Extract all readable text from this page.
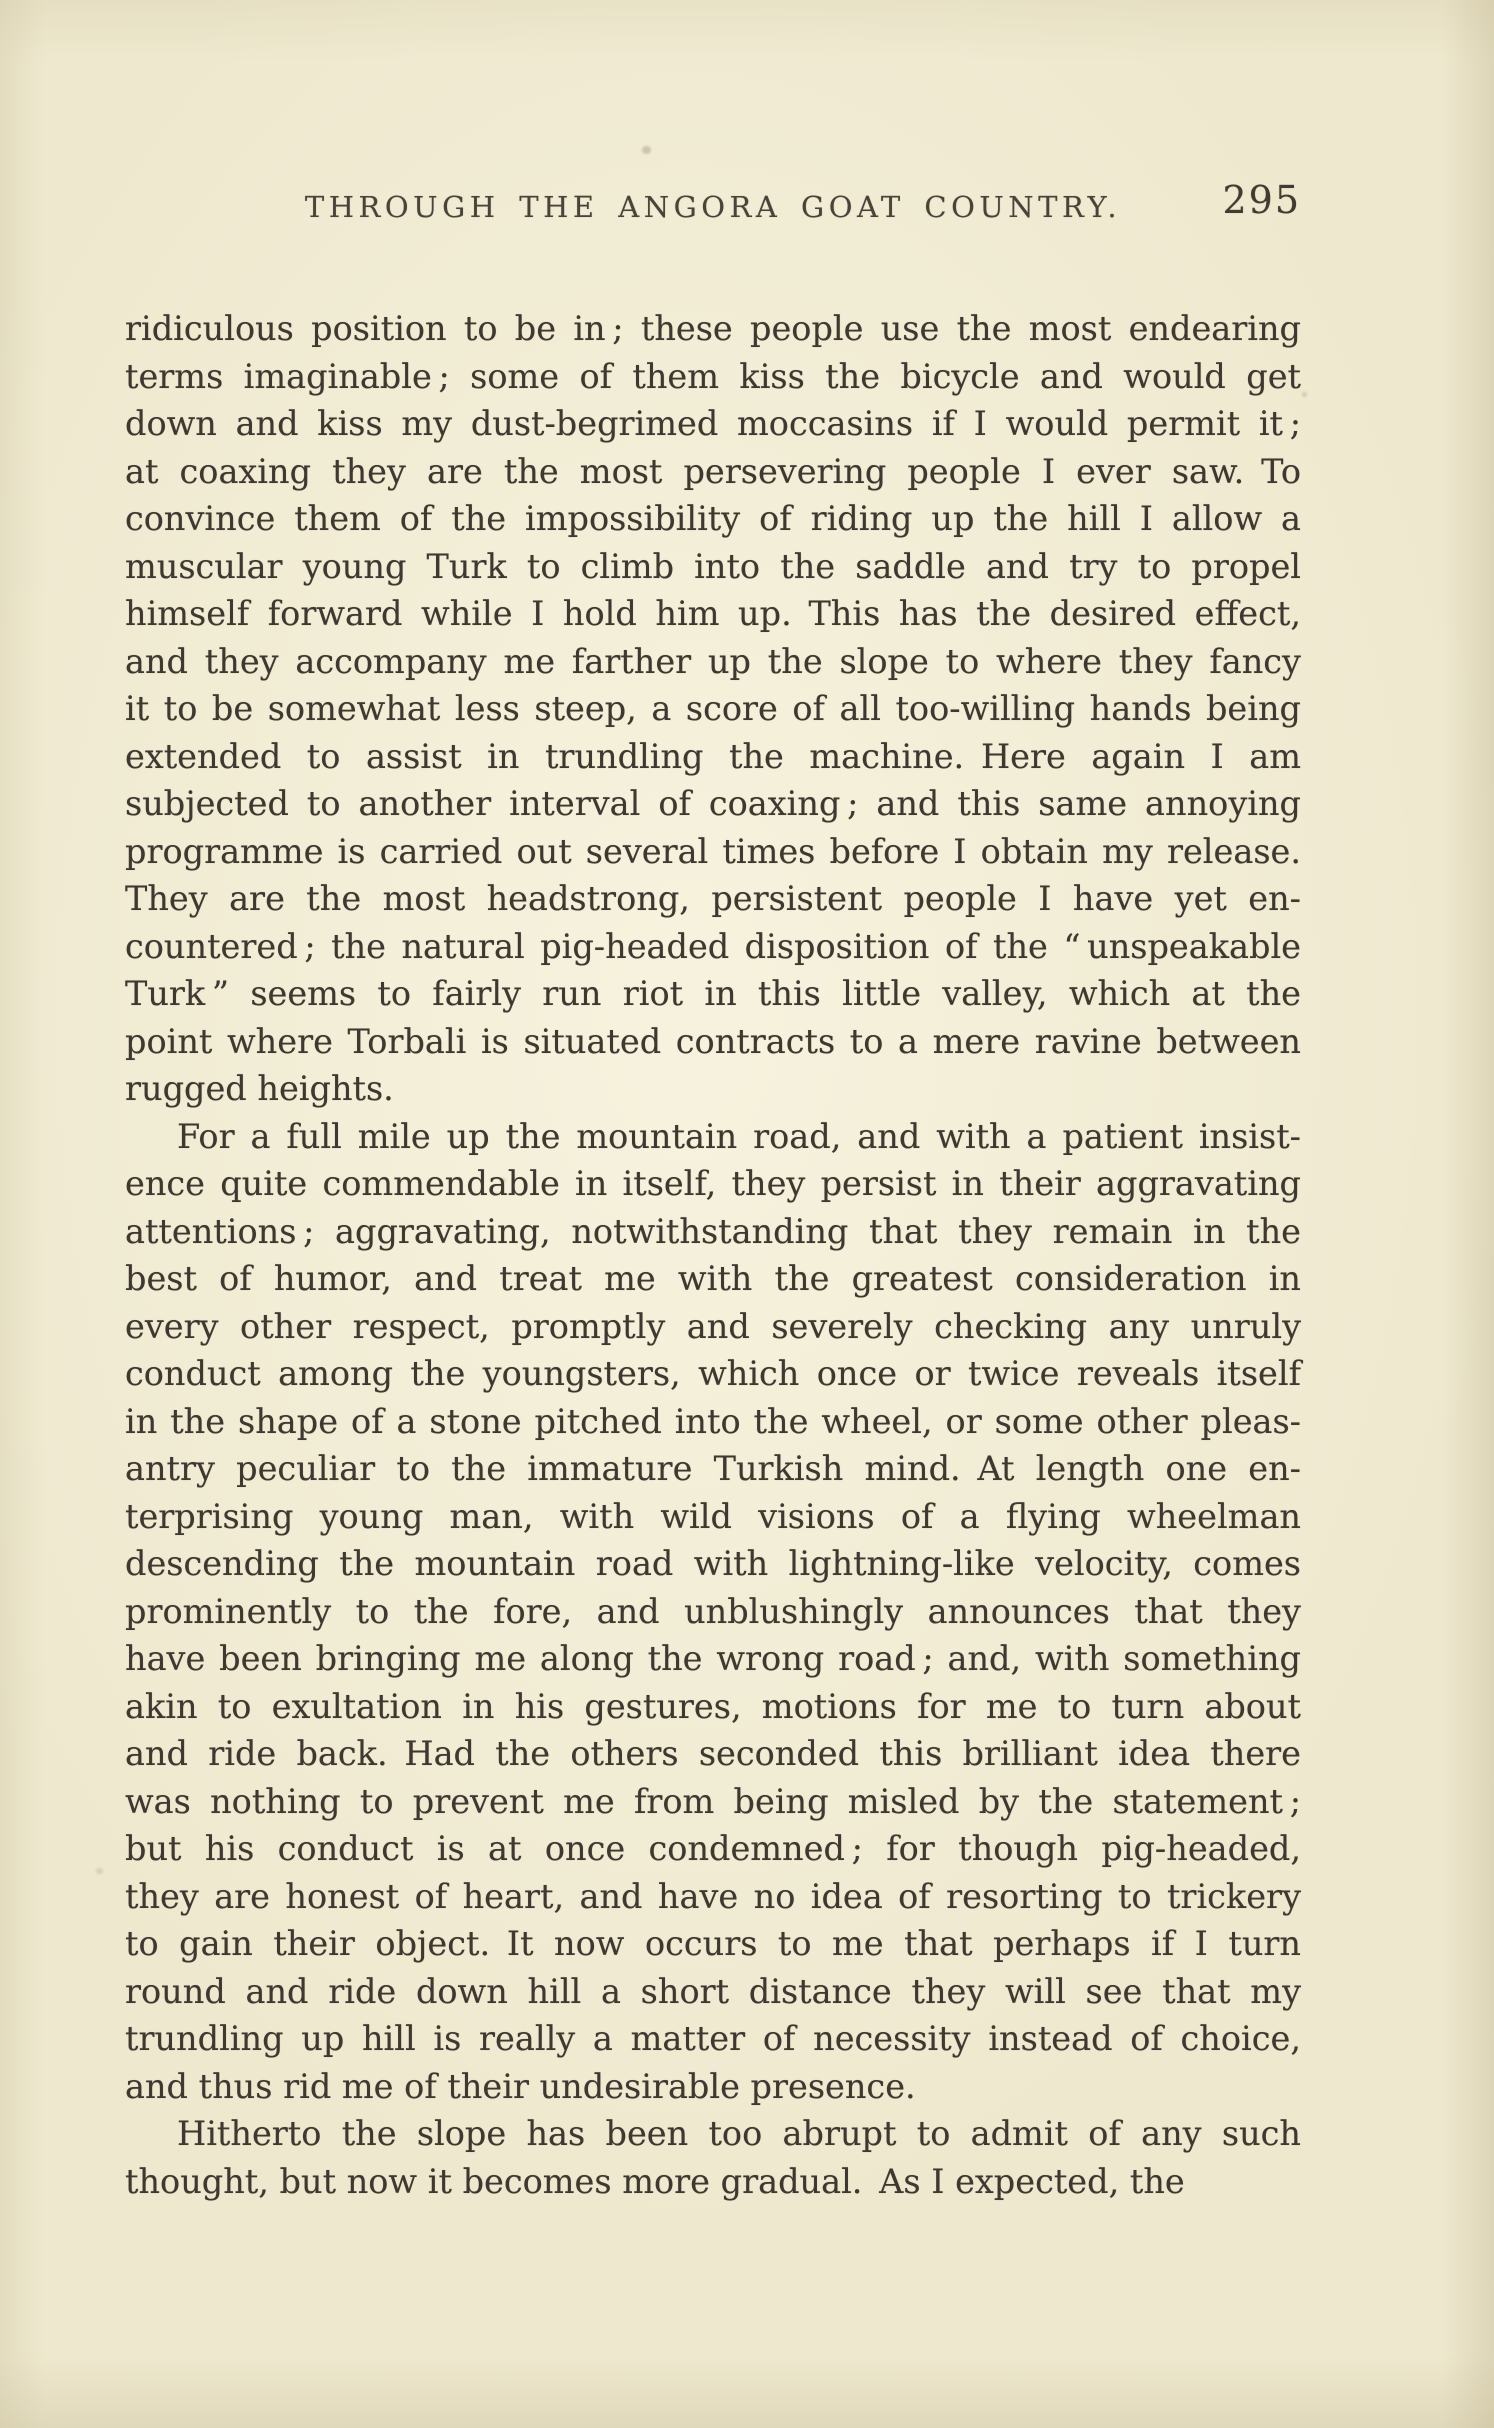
THROUGH THE ANGORA GOAT COUNTRY.	295
ridiculous position to be in ; these people use the most endearing
terms imaginable ; some of them kiss the bicycle and would get
down and kiss my dust-begrimed moccasins if I would permit it ;
at coaxing they are the most persevering people I ever saw. To
convince them of the impossibility of riding up the hill I allow a
muscular young Turk to climb into the saddle and try to propel
himself forward while I hold him up. This has the desired effect,
and they accompany me farther up the slope to where they fancy
it to be somewhat less steep, a score of all too-willing hands being
extended to assist in trundling the machine. Here again I am
subjected to another interval of coaxing ; and this same annoying
programme is carried out several times before I obtain my release.
They are the most headstrong, persistent people I have yet en-
countered ; the natural pig-headed disposition of the “ unspeakable
Turk ” seems to fairly run riot in this little valley, which at the
point where Torbali is situated contracts to a mere ravine between
rugged heights.
For a full mile up the mountain road, and with a patient insist-
ence quite commendable in itself, they persist in their aggravating
attentions ; aggravating, notwithstanding that they remain in the
best of humor, and treat me with the greatest consideration in
every other respect, promptly and severely checking any unruly
conduct among the youngsters, which once or twice reveals itself
in the shape of a stone pitched into the wheel, or some other pleas-
antry peculiar to the immature Turkish mind. At length one en-
terprising young man, with wild visions of a flying wheelman
descending the mountain road with lightning-like velocity, comes
prominently to the fore, and unblushingly announces that they
have been bringing me along the wrong road ; and, with something
akin to exultation in his gestures, motions for me to turn about
and ride back. Had the others seconded this brilliant idea there
was nothing to prevent me from being misled by the statement ;
but his conduct is at once condemned ; for though pig-headed,
they are honest of heart, and have no idea of resorting to trickery
to gain their object. It now occurs to me that perhaps if I turn
round and ride down hill a short distance they will see that my
trundling up hill is really a matter of necessity instead of choice,
and thus rid me of their undesirable presence.
Hitherto the slope has been too abrupt to admit of any such
thought, but now it becomes more gradual. As I expected, the
